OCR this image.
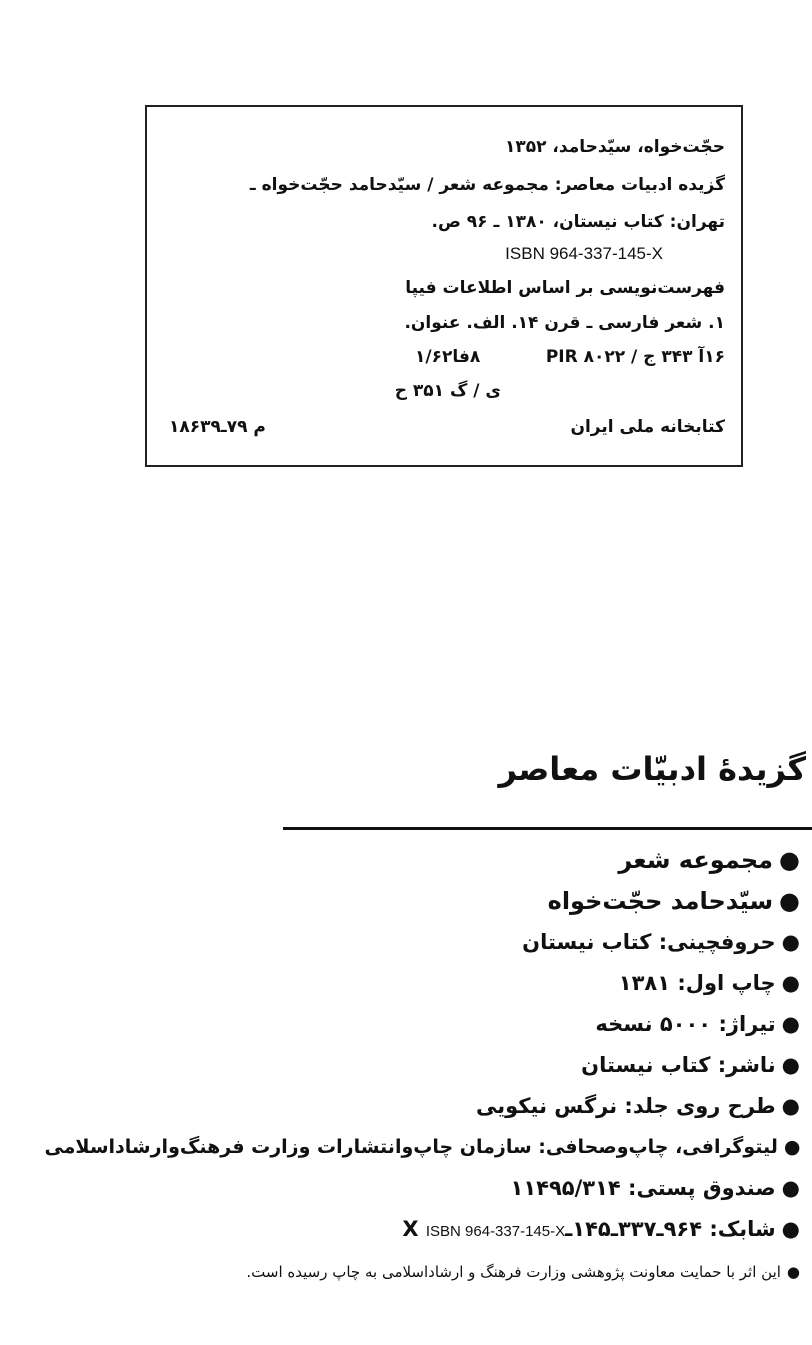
حجّت‌خواه، سیّدحامد، ۱۳۵۲
گزیده ادبیات معاصر: مجموعه شعر / سیّدحامد حجّت‌خواه ـ
تهران: کتاب نیستان، ۱۳۸۰ ـ ۹۶ ص.
ISBN 964-337-145-X
فهرست‌نویسی بر اساس اطلاعات فیپا
۱. شعر فارسی ـ قرن ۱۴. الف. عنوان.
۱۶آ ۳۴۳ ج / PIR ۸۰۲۲
۸فا۱/۶۲
ی / گ ۳۵۱ ح
کتابخانه ملی ایران
م ۷۹ـ۱۸۶۳۹
گزیدهٔ ادبیّات معاصر
●مجموعه شعر
●سیّدحامد حجّت‌خواه
●حروفچینی: کتاب نیستان
●چاپ اول: ۱۳۸۱
●تیراژ: ۵۰۰۰ نسخه
●ناشر: کتاب نیستان
●طرح روی جلد: نرگس نیکویی
●لیتوگرافی، چاپ‌وصحافی: سازمان چاپ‌وانتشارات وزارت فرهنگ‌وارشاداسلامی
●صندوق پستی: ۱۱۴۹۵/۳۱۴
●شابک: ۹۶۴ـ۳۳۷ـ۱۴۵ـX ISBN 964-337-145-X
●این اثر با حمایت معاونت پژوهشی وزارت فرهنگ و ارشاداسلامی به چاپ رسیده است.
